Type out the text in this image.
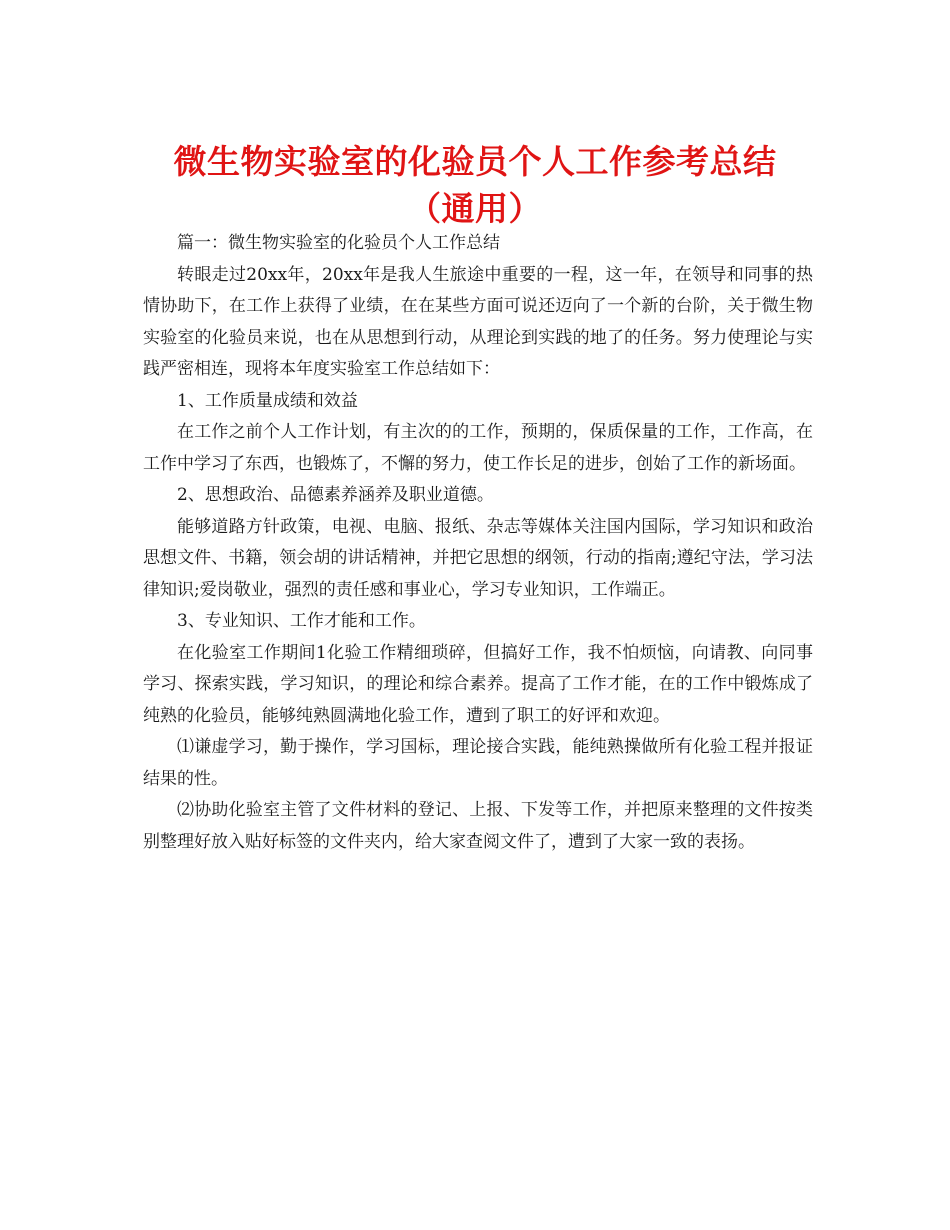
微生物实验室的化验员个人工作参考总结（通用）

篇一：微生物实验室的化验员个人工作总结

转眼走过20xx年，20xx年是我人生旅途中重要的一程，这一年，在领导和同事的热情协助下，在工作上获得了业绩，在在某些方面可说还迈向了一个新的台阶，关于微生物实验室的化验员来说，也在从思想到行动，从理论到实践的地了的任务。努力使理论与实践严密相连，现将本年度实验室工作总结如下：

1、工作质量成绩和效益

在工作之前个人工作计划，有主次的的工作，预期的，保质保量的工作，工作高，在工作中学习了东西，也锻炼了，不懈的努力，使工作长足的进步，创始了工作的新场面。

2、思想政治、品德素养涵养及职业道德。

能够道路方针政策，电视、电脑、报纸、杂志等媒体关注国内国际，学习知识和政治思想文件、书籍，领会胡的讲话精神，并把它思想的纲领，行动的指南;遵纪守法，学习法律知识;爱岗敬业，强烈的责任感和事业心，学习专业知识，工作端正。

3、专业知识、工作才能和工作。

在化验室工作期间1化验工作精细琐碎，但搞好工作，我不怕烦恼，向请教、向同事学习、探索实践，学习知识，的理论和综合素养。提高了工作才能，在的工作中锻炼成了纯熟的化验员，能够纯熟圆满地化验工作，遭到了职工的好评和欢迎。

⑴谦虚学习，勤于操作，学习国标，理论接合实践，能纯熟操做所有化验工程并报证结果的性。

⑵协助化验室主管了文件材料的登记、上报、下发等工作，并把原来整理的文件按类别整理好放入贴好标签的文件夹内，给大家查阅文件了，遭到了大家一致的表扬。
